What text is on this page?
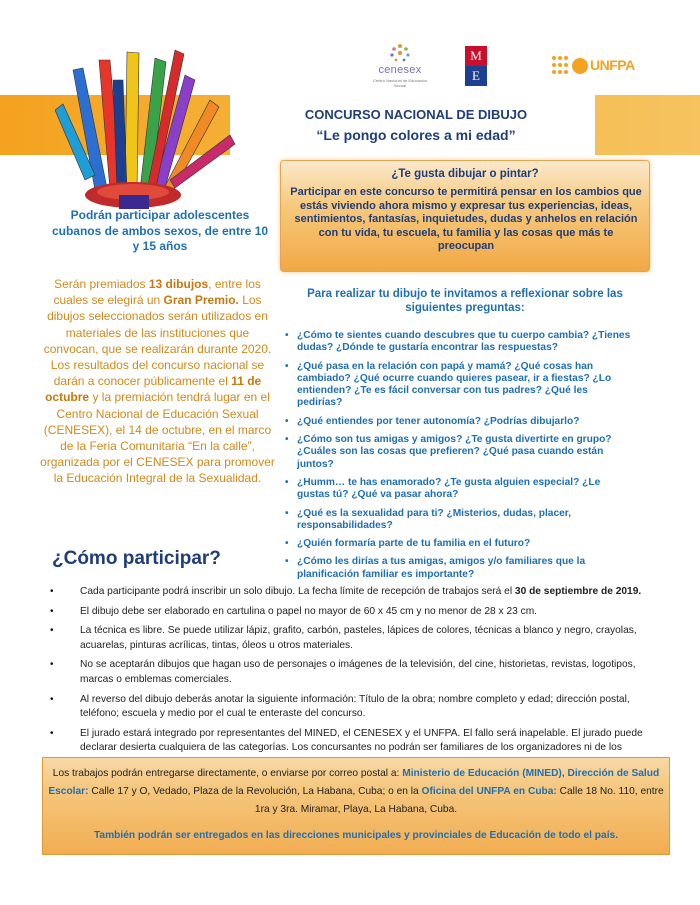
cenesex
Centro Nacional de Educación Sexual
M
E
UNFPA
CONCURSO NACIONAL DE DIBUJO
“Le pongo colores a mi edad”
¿Te gusta dibujar o pintar?
Participar en este concurso te permitirá pensar en los cambios que estás viviendo ahora mismo y expresar tus experiencias, ideas, sentimientos, fantasías, inquietudes, dudas y anhelos en relación con tu vida, tu escuela, tu familia y las cosas que más te preocupan
Podrán participar adolescentes cubanos de ambos sexos, de entre 10 y 15 años
Serán premiados 13 dibujos, entre los cuales se elegirá un Gran Premio. Los dibujos seleccionados serán utilizados en materiales de las instituciones que convocan, que se realizarán durante 2020.
Los resultados del concurso nacional se darán a conocer públicamente el 11 de octubre y la premiación tendrá lugar en el Centro Nacional de Educación Sexual (CENESEX), el 14 de octubre, en el marco de la Feria Comunitaria “En la calle”, organizada por el CENESEX para promover la Educación Integral de la Sexualidad.
Para realizar tu dibujo te invitamos a reflexionar sobre las siguientes preguntas:
• ¿Cómo te sientes cuando descubres que tu cuerpo cambia? ¿Tienes dudas? ¿Dónde te gustaría encontrar las respuestas?
• ¿Qué pasa en la relación con papá y mamá? ¿Qué cosas han cambiado? ¿Qué ocurre cuando quieres pasear, ir a fiestas? ¿Lo entienden? ¿Te es fácil conversar con tus padres? ¿Qué les pedirías?
• ¿Qué entiendes por tener autonomía? ¿Podrías dibujarlo?
• ¿Cómo son tus amigas y amigos? ¿Te gusta divertirte en grupo? ¿Cuáles son las cosas que prefieren? ¿Qué pasa cuando están juntos?
• ¿Humm… te has enamorado? ¿Te gusta alguien especial? ¿Le gustas tú? ¿Qué va pasar ahora?
• ¿Qué es la sexualidad para ti? ¿Misterios, dudas, placer, responsabilidades?
• ¿Quién formaría parte de tu familia en el futuro?
• ¿Cómo les dirías a tus amigas, amigos y/o familiares que la planificación familiar es importante?
¿Cómo participar?
•	Cada participante podrá inscribir un solo dibujo. La fecha límite de recepción de trabajos será el 30 de septiembre de 2019.
•	El dibujo debe ser elaborado en cartulina o papel no mayor de 60 x 45 cm y no menor de 28 x 23 cm.
•	La técnica es libre. Se puede utilizar lápiz, grafito, carbón, pasteles, lápices de colores, técnicas a blanco y negro, crayolas, acuarelas, pinturas acrílicas, tintas, óleos u otros materiales.
•	No se aceptarán dibujos que hagan uso de personajes o imágenes de la televisión, del cine, historietas, revistas, logotipos, marcas o emblemas comerciales.
•	Al reverso del dibujo deberás anotar la siguiente información: Título de la obra; nombre completo y edad; dirección postal, teléfono; escuela y medio por el cual te enteraste del concurso.
•	El jurado estará integrado por representantes del MINED, el CENESEX y el UNFPA. El fallo será inapelable. El jurado puede declarar desierta cualquiera de las categorías. Los concursantes no podrán ser familiares de los organizadores ni de los
Los trabajos podrán entregarse directamente, o enviarse por correo postal a: Ministerio de Educación (MINED), Dirección de Salud Escolar: Calle 17 y O, Vedado, Plaza de la Revolución, La Habana, Cuba; o en la Oficina del UNFPA en Cuba: Calle 18 No. 110, entre 1ra y 3ra. Miramar, Playa, La Habana, Cuba.
También podrán ser entregados en las direcciones municipales y provinciales de Educación de todo el país.
